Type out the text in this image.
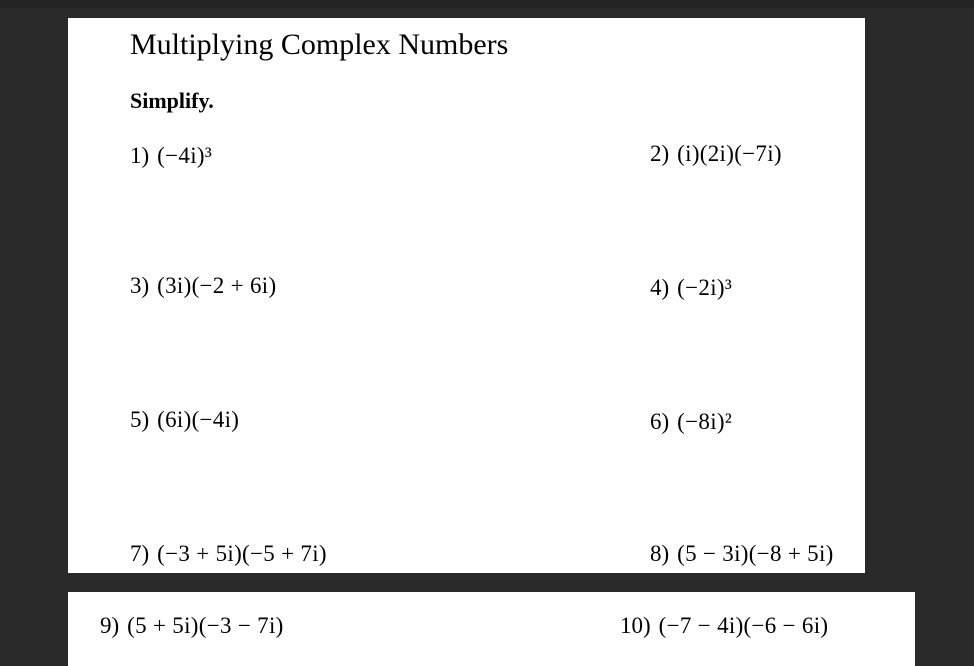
Multiplying Complex Numbers
Simplify.
1) (−4i)³	2) (i)(2i)(−7i)
3) (3i)(−2 + 6i)	4) (−2i)³
5) (6i)(−4i)	6) (−8i)²
7) (−3 + 5i)(−5 + 7i)	8) (5 − 3i)(−8 + 5i)
9) (5 + 5i)(−3 − 7i)	10) (−7 − 4i)(−6 − 6i)
